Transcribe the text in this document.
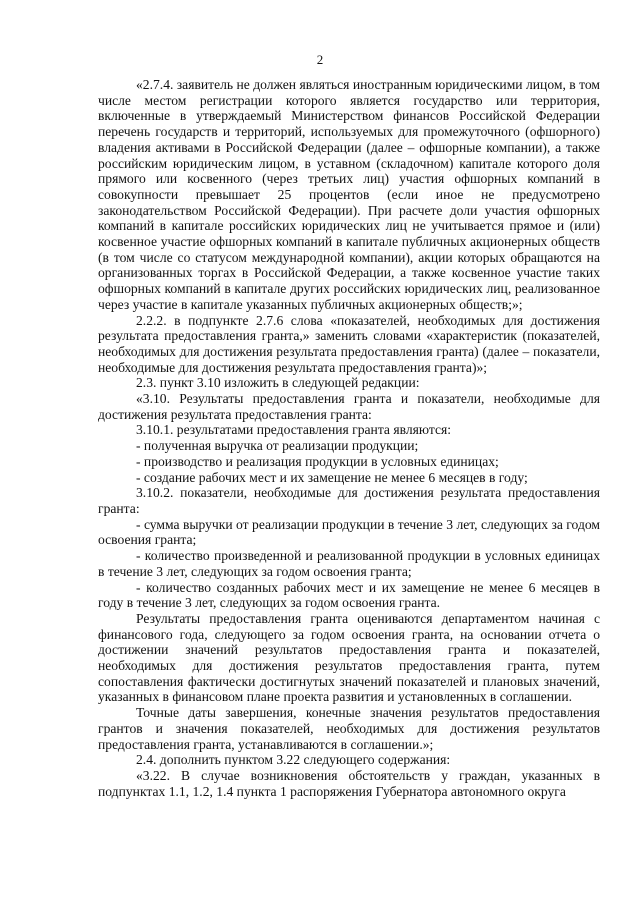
2

«2.7.4. заявитель не должен являться иностранным юридическими лицом, в том числе местом регистрации которого является государство или территория, включенные в утверждаемый Министерством финансов Российской Федерации перечень государств и территорий, используемых для промежуточного (офшорного) владения активами в Российской Федерации (далее – офшорные компании), а также российским юридическим лицом, в уставном (складочном) капитале которого доля прямого или косвенного (через третьих лиц) участия офшорных компаний в совокупности превышает 25 процентов (если иное не предусмотрено законодательством Российской Федерации). При расчете доли участия офшорных компаний в капитале российских юридических лиц не учитывается прямое и (или) косвенное участие офшорных компаний в капитале публичных акционерных обществ (в том числе со статусом международной компании), акции которых обращаются на организованных торгах в Российской Федерации, а также косвенное участие таких офшорных компаний в капитале других российских юридических лиц, реализованное через участие в капитале указанных публичных акционерных обществ;»;

2.2.2. в подпункте 2.7.6 слова «показателей, необходимых для достижения результата предоставления гранта,» заменить словами «характеристик (показателей, необходимых для достижения результата предоставления гранта) (далее – показатели, необходимые для достижения результата предоставления гранта)»;

2.3. пункт 3.10 изложить в следующей редакции:

«3.10. Результаты предоставления гранта и показатели, необходимые для достижения результата предоставления гранта:

3.10.1. результатами предоставления гранта являются:

- полученная выручка от реализации продукции;

- производство и реализация продукции в условных единицах;

- создание рабочих мест и их замещение не менее 6 месяцев в году;

3.10.2. показатели, необходимые для достижения результата предоставления гранта:

- сумма выручки от реализации продукции в течение 3 лет, следующих за годом освоения гранта;

- количество произведенной и реализованной продукции в условных единицах в течение 3 лет, следующих за годом освоения гранта;

- количество созданных рабочих мест и их замещение не менее 6 месяцев в году в течение 3 лет, следующих за годом освоения гранта.

Результаты предоставления гранта оцениваются департаментом начиная с финансового года, следующего за годом освоения гранта, на основании отчета о достижении значений результатов предоставления гранта и показателей, необходимых для достижения результатов предоставления гранта, путем сопоставления фактически достигнутых значений показателей и плановых значений, указанных в финансовом плане проекта развития и установленных в соглашении.

Точные даты завершения, конечные значения результатов предоставления грантов и значения показателей, необходимых для достижения результатов предоставления гранта, устанавливаются в соглашении.»;

2.4. дополнить пунктом 3.22 следующего содержания:

«3.22. В случае возникновения обстоятельств у граждан, указанных в подпунктах 1.1, 1.2, 1.4 пункта 1 распоряжения Губернатора автономного округа
